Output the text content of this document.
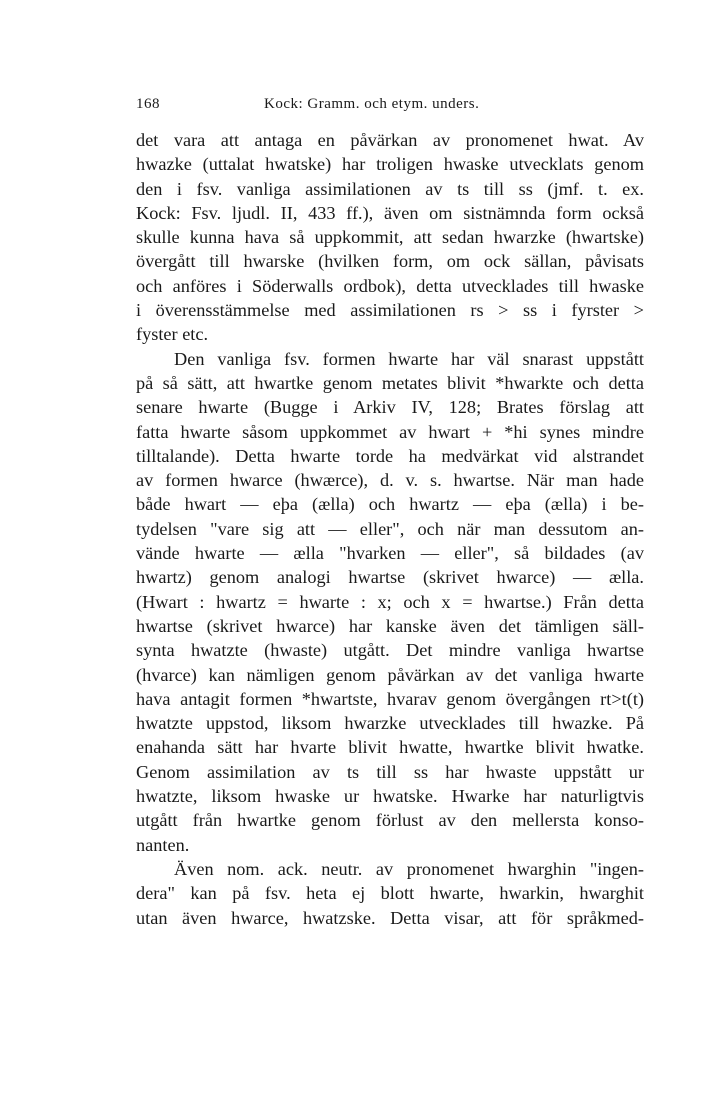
168	Kock: Gramm. och etym. unders.
det vara att antaga en påvärkan av pronomenet hwat. Av
hwazke (uttalat hwatske) har troligen hwaske utvecklats genom
den i fsv. vanliga assimilationen av ts till ss (jmf. t. ex.
Kock: Fsv. ljudl. II, 433 ff.), även om sistnämnda form också
skulle kunna hava så uppkommit, att sedan hwarzke (hwartske)
övergått till hwarske (hvilken form, om ock sällan, påvisats
och anföres i Söderwalls ordbok), detta utvecklades till hwaske
i överensstämmelse med assimilationen rs > ss i fyrster >
fyster etc.
Den vanliga fsv. formen hwarte har väl snarast uppstått
på så sätt, att hwartke genom metates blivit *hwarkte och detta
senare hwarte (Bugge i Arkiv IV, 128; Brates förslag att
fatta hwarte såsom uppkommet av hwart + *hi synes mindre
tilltalande). Detta hwarte torde ha medvärkat vid alstrandet
av formen hwarce (hwærce), d. v. s. hwartse. När man hade
både hwart — eþa (ælla) och hwartz — eþa (ælla) i be-
tydelsen "vare sig att — eller", och när man dessutom an-
vände hwarte — ælla "hvarken — eller", så bildades (av
hwartz) genom analogi hwartse (skrivet hwarce) — ælla.
(Hwart : hwartz = hwarte : x; och x = hwartse.) Från detta
hwartse (skrivet hwarce) har kanske även det tämligen säll-
synta hwatzte (hwaste) utgått. Det mindre vanliga hwartse
(hvarce) kan nämligen genom påvärkan av det vanliga hwarte
hava antagit formen *hwartste, hvarav genom övergången rt>t(t)
hwatzte uppstod, liksom hwarzke utvecklades till hwazke. På
enahanda sätt har hvarte blivit hwatte, hwartke blivit hwatke.
Genom assimilation av ts till ss har hwaste uppstått ur
hwatzte, liksom hwaske ur hwatske. Hwarke har naturligtvis
utgått från hwartke genom förlust av den mellersta konso-
nanten.
Även nom. ack. neutr. av pronomenet hwarghin "ingen-
dera" kan på fsv. heta ej blott hwarte, hwarkin, hwarghit
utan även hwarce, hwatzske. Detta visar, att för språkmed-
